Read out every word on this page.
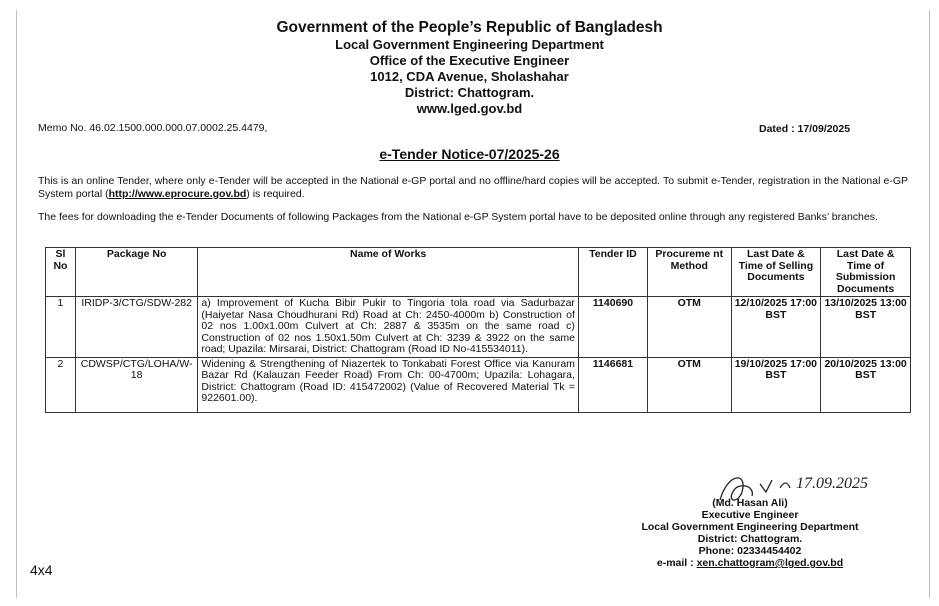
Government of the People’s Republic of Bangladesh
Local Government Engineering Department
Office of the Executive Engineer
1012, CDA Avenue, Sholashahar
District: Chattogram.
www.lged.gov.bd
Memo No. 46.02.1500.000.000.07.0002.25.4479,	Dated : 17/09/2025
e-Tender Notice-07/2025-26
This is an online Tender, where only e-Tender will be accepted in the National e-GP portal and no offline/hard copies will be accepted. To submit e-Tender, registration in the National e-GP System portal (http://www.eprocure.gov.bd) is required.
The fees for downloading the e-Tender Documents of following Packages from the National e-GP System portal have to be deposited online through any registered Banks’ branches.
Sl No	Package No	Name of Works	Tender ID	Procureme nt Method	Last Date & Time of Selling Documents	Last Date & Time of Submission Documents
1	IRIDP-3/CTG/SDW-282	a) Improvement of Kucha Bibir Pukir to Tingoria tola road via Sadurbazar (Haiyetar Nasa Choudhurani Rd) Road at Ch: 2450-4000m b) Construction of 02 nos 1.00x1.00m Culvert at Ch: 2887 & 3535m on the same road c) Construction of 02 nos 1.50x1.50m Culvert at Ch: 3239 & 3922 on the same road; Upazila: Mirsarai, District: Chattogram (Road ID No-415534011).	1140690	OTM	12/10/2025 17:00 BST	13/10/2025 13:00 BST
2	CDWSP/CTG/LOHA/W-18	Widening & Strengthening of Niazertek to Tonkabati Forest Office via Kanuram Bazar Rd (Kalauzan Feeder Road) From Ch: 00-4700m; Upazila: Lohagara, District: Chattogram (Road ID: 415472002) (Value of Recovered Material Tk = 922601.00).	1146681	OTM	19/10/2025 17:00 BST	20/10/2025 13:00 BST
17.09.2025
(Md. Hasan Ali)
Executive Engineer
Local Government Engineering Department
District: Chattogram.
Phone: 02334454402
e-mail : xen.chattogram@lged.gov.bd
4x4
